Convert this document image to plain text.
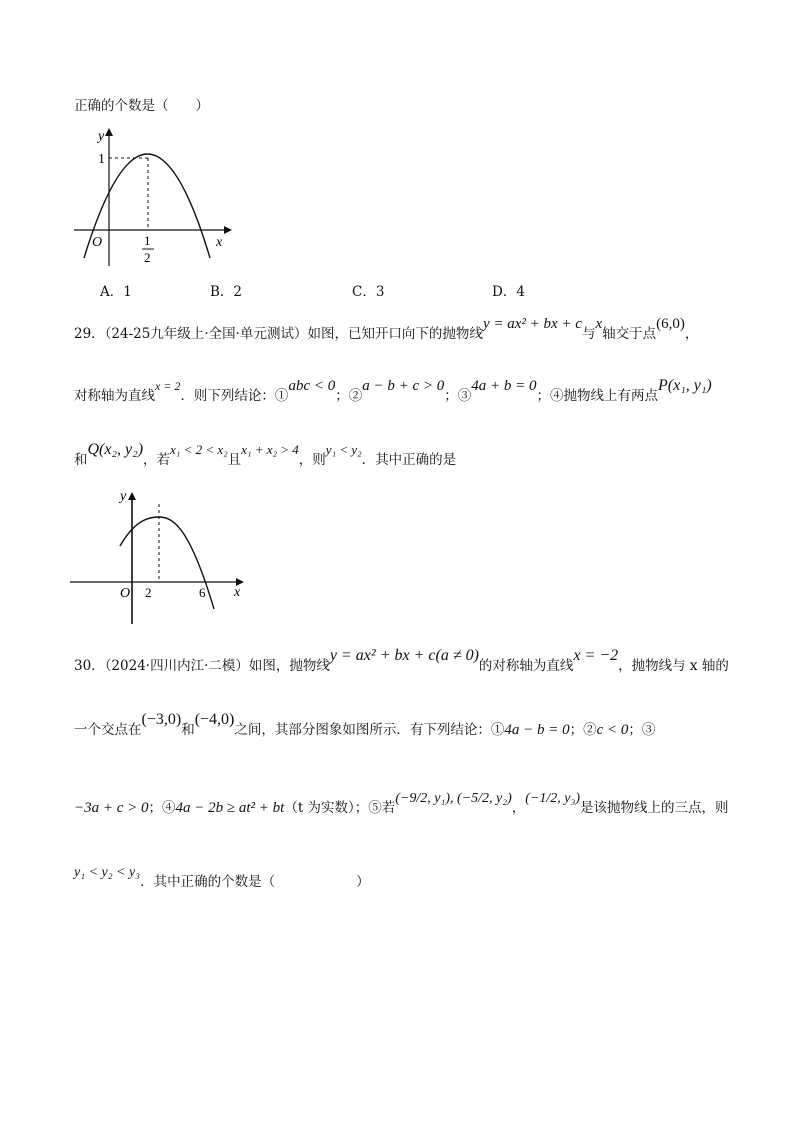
正确的个数是（　　）
y
x
O
1
1
2
A．1	B．2	C．3	D．4
29．（24-25九年级上·全国·单元测试）如图，已知开口向下的抛物线y = ax² + bx + c与x轴交于点(6,0)，
对称轴为直线x = 2．则下列结论：①abc < 0；②a − b + c > 0；③4a + b = 0；④抛物线上有两点P(x₁, y₁)
和Q(x₂, y₂)，若x₁ < 2 < x₂且x₁ + x₂ > 4，则y₁ < y₂．其中正确的是
y
x
O 2	6
30．（2024·四川内江·二模）如图，抛物线y = ax² + bx + c(a ≠ 0)的对称轴为直线x = −2，抛物线与 x 轴的
一个交点在(−3,0)和(−4,0)之间，其部分图象如图所示．有下列结论：①4a − b = 0；②c < 0；③
−3a + c > 0；④4a − 2b ≥ at² + bt（t 为实数）；⑤若(−9/2, y₁), (−5/2, y₂)，(−1/2, y₃)是该抛物线上的三点，则
y₁ < y₂ < y₃．其中正确的个数是（　　　　　　）
